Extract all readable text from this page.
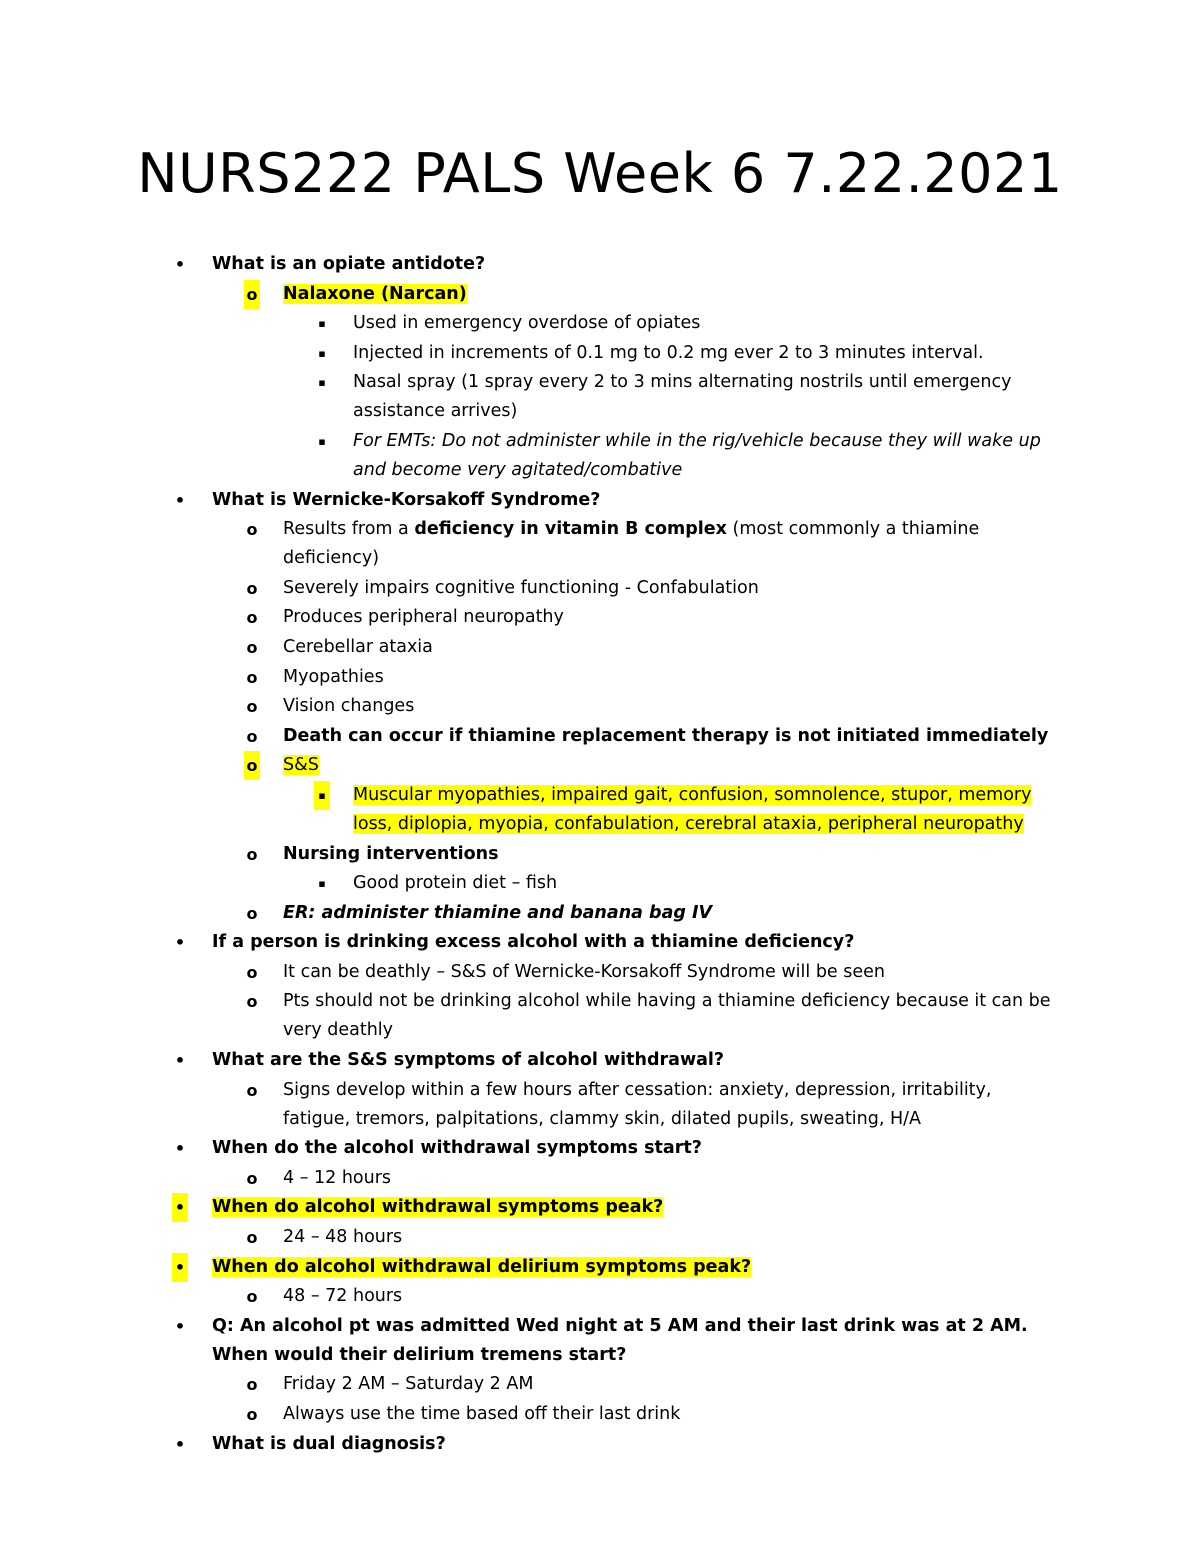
NURS222 PALS Week 6 7.22.2021
• What is an opiate antidote?
o Nalaxone (Narcan)
▪ Used in emergency overdose of opiates
▪ Injected in increments of 0.1 mg to 0.2 mg ever 2 to 3 minutes interval.
▪ Nasal spray (1 spray every 2 to 3 mins alternating nostrils until emergency assistance arrives)
▪ For EMTs: Do not administer while in the rig/vehicle because they will wake up and become very agitated/combative
• What is Wernicke-Korsakoff Syndrome?
o Results from a deficiency in vitamin B complex (most commonly a thiamine deficiency)
o Severely impairs cognitive functioning - Confabulation
o Produces peripheral neuropathy
o Cerebellar ataxia
o Myopathies
o Vision changes
o Death can occur if thiamine replacement therapy is not initiated immediately
o S&S
▪ Muscular myopathies, impaired gait, confusion, somnolence, stupor, memory loss, diplopia, myopia, confabulation, cerebral ataxia, peripheral neuropathy
o Nursing interventions
▪ Good protein diet – fish
o ER: administer thiamine and banana bag IV
• If a person is drinking excess alcohol with a thiamine deficiency?
o It can be deathly – S&S of Wernicke-Korsakoff Syndrome will be seen
o Pts should not be drinking alcohol while having a thiamine deficiency because it can be very deathly
• What are the S&S symptoms of alcohol withdrawal?
o Signs develop within a few hours after cessation: anxiety, depression, irritability, fatigue, tremors, palpitations, clammy skin, dilated pupils, sweating, H/A
• When do the alcohol withdrawal symptoms start?
o 4 – 12 hours
• When do alcohol withdrawal symptoms peak?
o 24 – 48 hours
• When do alcohol withdrawal delirium symptoms peak?
o 48 – 72 hours
• Q: An alcohol pt was admitted Wed night at 5 AM and their last drink was at 2 AM. When would their delirium tremens start?
o Friday 2 AM – Saturday 2 AM
o Always use the time based off their last drink
• What is dual diagnosis?
